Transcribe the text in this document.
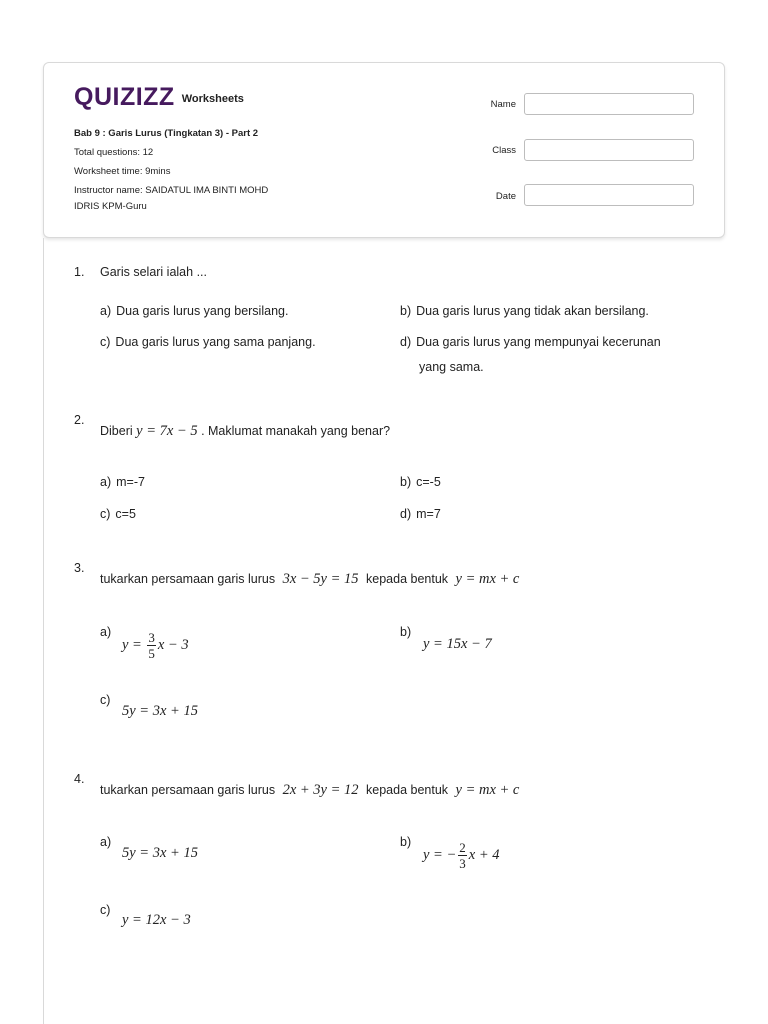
QUIZIZZ Worksheets
Bab 9 : Garis Lurus (Tingkatan 3) - Part 2
Total questions: 12
Worksheet time: 9mins
Instructor name: SAIDATUL IMA BINTI MOHD
IDRIS KPM-Guru
Name
Class
Date
1. Garis selari ialah ...
a) Dua garis lurus yang bersilang.	b) Dua garis lurus yang tidak akan bersilang.
c) Dua garis lurus yang sama panjang.	d) Dua garis lurus yang mempunyai kecerunan
yang sama.
2.
Diberi y = 7x − 5 . Maklumat manakah yang benar?
a) m=-7	b) c=-5
c) c=5	d) m=7
3.
tukarkan persamaan garis lurus 3x − 5y = 15 kepada bentuk y = mx + c
a)
$y = \frac{3}{5}$ x − 3
b)
y = 15x − 7
c)
5y = 3x + 15
4.
tukarkan persamaan garis lurus 2x + 3y = 12 kepada bentuk y = mx + c
a)
5y = 3x + 15
b)
y = − $\frac{2}{3}$ x + 4
c)
y = 12x − 3
